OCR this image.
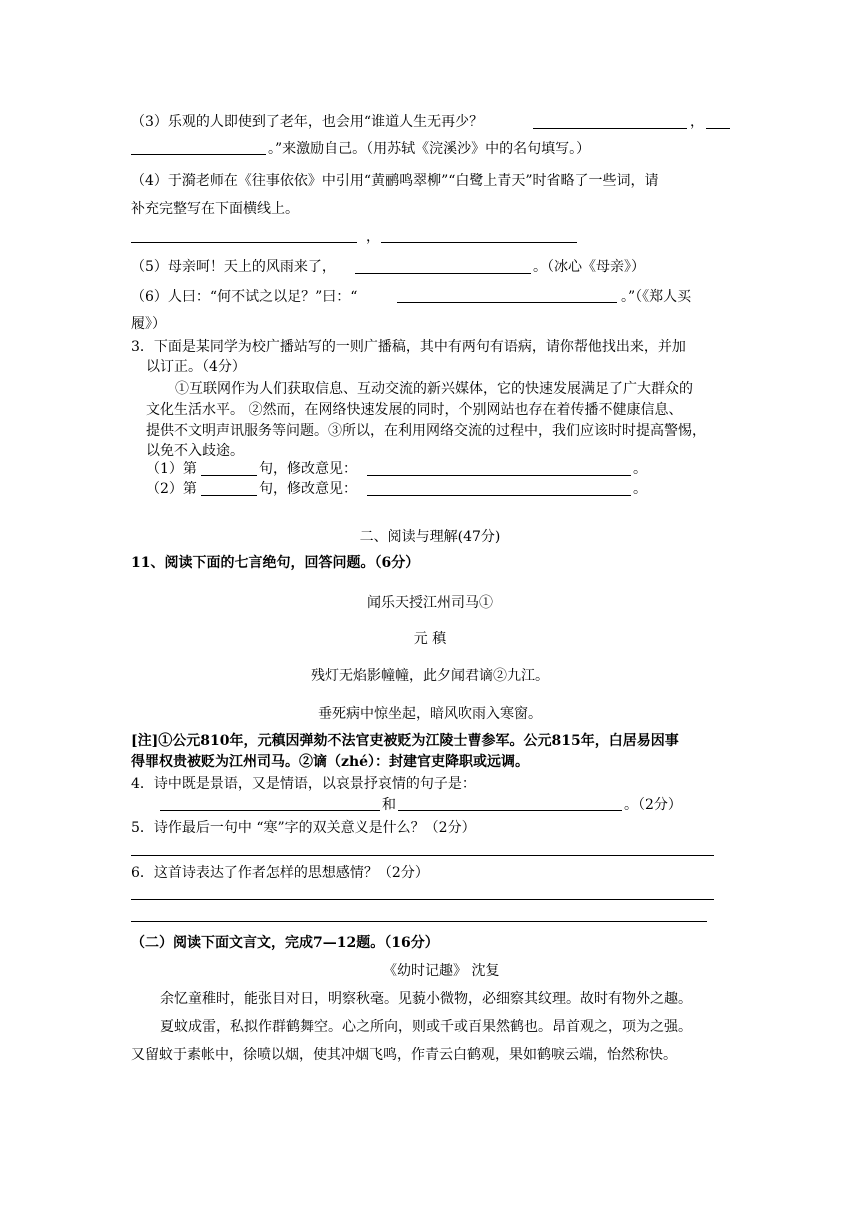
（3）乐观的人即使到了老年，也会用“谁道人生无再少？	，
。”来激励自己。（用苏轼《浣溪沙》中的名句填写。）
（4）于漪老师在《往事依依》中引用“黄鹂鸣翠柳”“白鹭上青天”时省略了一些词，请
补充完整写在下面横线上。
，
（5）母亲呵！天上的风雨来了，	。（冰心《母亲》）
（6）人曰：“何不试之以足？”曰：“	。”（《郑人买
履》）
3．下面是某同学为校广播站写的一则广播稿，其中有两句有语病，请你帮他找出来，并加
以订正。（4分）
①互联网作为人们获取信息、互动交流的新兴媒体，它的快速发展满足了广大群众的
文化生活水平。 ②然而，在网络快速发展的同时，个别网站也存在着传播不健康信息、
提供不文明声讯服务等问题。③所以，在利用网络交流的过程中，我们应该时时提高警惕，
以免不入歧途。
（1）第	句，修改意见：	。
（2）第	句，修改意见：	。
二、阅读与理解(47分)
11、阅读下面的七言绝句，回答问题。（6分）
闻乐天授江州司马①
元 稹
残灯无焰影幢幢，此夕闻君谪②九江。
垂死病中惊坐起，暗风吹雨入寒窗。
[注]①公元810年，元稹因弹劾不法官吏被贬为江陵士曹参军。公元815年，白居易因事
得罪权贵被贬为江州司马。②谪（zhé）：封建官吏降职或远调。
4．诗中既是景语，又是情语，以哀景抒哀情的句子是：
和	。（2分）
5．诗作最后一句中 “寒”字的双关意义是什么？（2分）
6．这首诗表达了作者怎样的思想感情？（2分）
（二）阅读下面文言文，完成7—12题。（16分）
《幼时记趣》 沈复
余忆童稚时，能张目对日，明察秋毫。见藐小微物，必细察其纹理。故时有物外之趣。
夏蚊成雷，私拟作群鹤舞空。心之所向，则或千或百果然鹤也。昂首观之，项为之强。
又留蚊于素帐中，徐喷以烟，使其冲烟飞鸣，作青云白鹤观，果如鹤唳云端，怡然称快。
